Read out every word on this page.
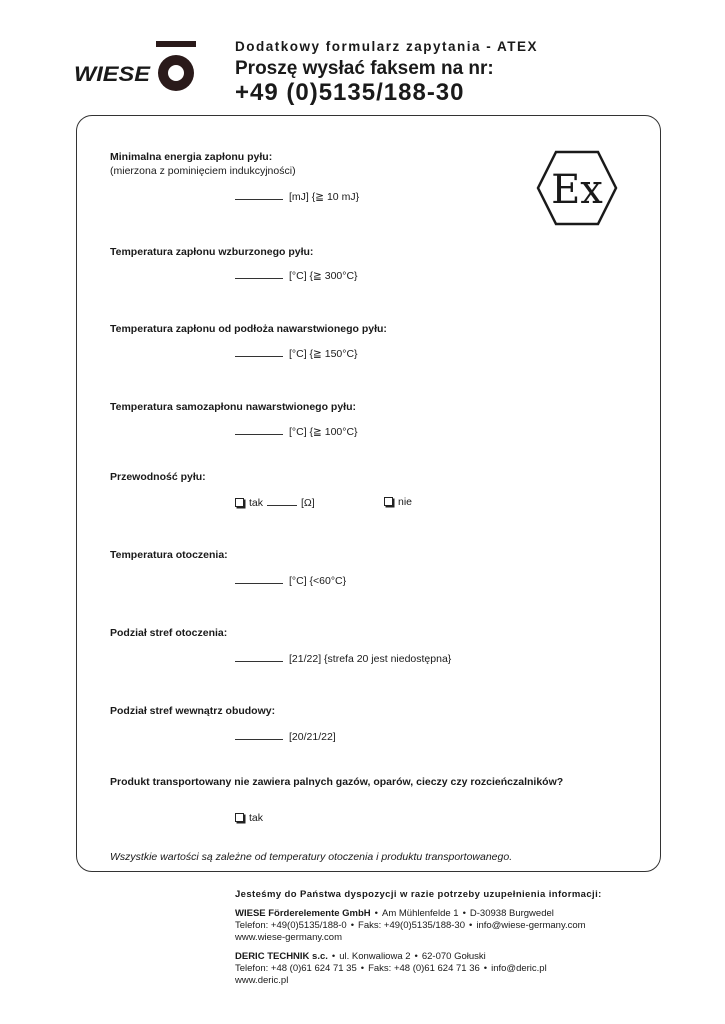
WIESE
Dodatkowy formularz zapytania - ATEX
Proszę wysłać faksem na nr:
+49 (0)5135/188-30
Ex
Minimalna energia zapłonu pyłu:
(mierzona z pominięciem indukcyjności)
[mJ] {≧ 10 mJ}
Temperatura zapłonu wzburzonego pyłu:
[°C] {≧ 300°C}
Temperatura zapłonu od podłoża nawarstwionego pyłu:
[°C] {≧ 150°C}
Temperatura samozapłonu nawarstwionego pyłu:
[°C] {≧ 100°C}
Przewodność pyłu:
tak	[Ω]	nie
Temperatura otoczenia:
[°C] {<60°C}
Podział stref otoczenia:
[21/22] {strefa 20 jest niedostępna}
Podział stref wewnątrz obudowy:
[20/21/22]
Produkt transportowany nie zawiera palnych gazów, oparów, cieczy czy rozcieńczalników?
tak
Wszystkie wartości są zależne od temperatury otoczenia i produktu transportowanego.
Jesteśmy do Państwa dyspozycji w razie potrzeby uzupełnienia informacji:
WIESE Förderelemente GmbH • Am Mühlenfelde 1 • D-30938 Burgwedel
Telefon: +49(0)5135/188-0 • Faks: +49(0)5135/188-30 • info@wiese-germany.com
www.wiese-germany.com
DERIC TECHNIK s.c. • ul. Konwaliowa 2 • 62-070 Gołuski
Telefon: +48 (0)61 624 71 35 • Faks: +48 (0)61 624 71 36 • info@deric.pl
www.deric.pl
